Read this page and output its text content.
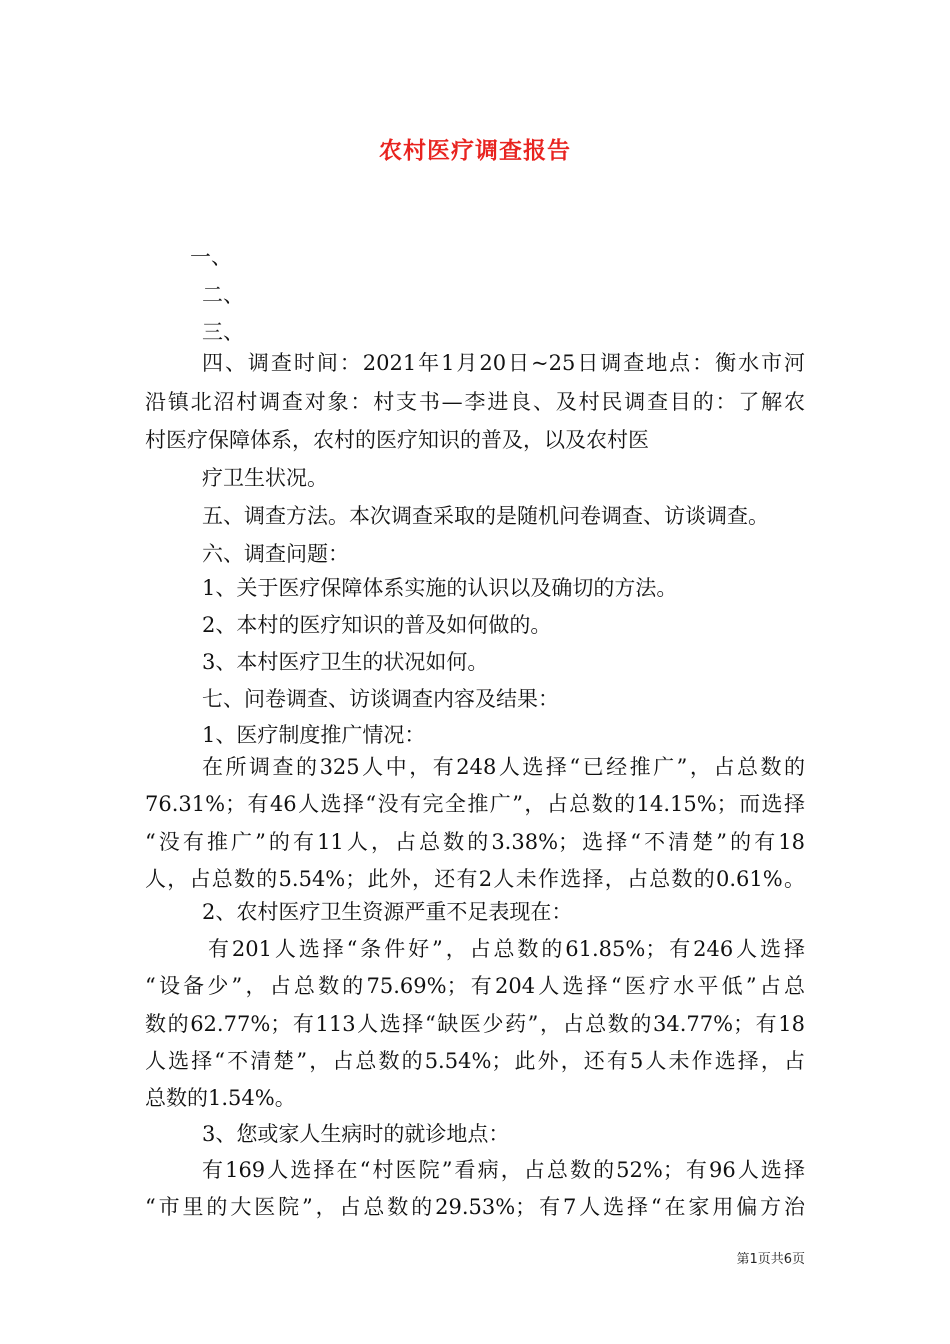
农村医疗调查报告
一、
二、
三、
四、调查时间：2021年1月20日~25日调查地点：衡水市河
沿镇北沼村调查对象：村支书—李进良、及村民调查目的：了解农
村医疗保障体系，农村的医疗知识的普及，以及农村医
疗卫生状况。
五、调查方法。本次调查采取的是随机问卷调查、访谈调查。
六、调查问题：
1、关于医疗保障体系实施的认识以及确切的方法。
2、本村的医疗知识的普及如何做的。
3、本村医疗卫生的状况如何。
七、问卷调查、访谈调查内容及结果：
1、医疗制度推广情况：
在所调查的325人中，有248人选择“已经推广”，占总数的
76.31%；有46人选择“没有完全推广”，占总数的14.15%；而选择
“没有推广”的有11人，占总数的3.38%；选择“不清楚”的有18
人，占总数的5.54%；此外，还有2人未作选择，占总数的0.61%。
2、农村医疗卫生资源严重不足表现在：
有201人选择“条件好”，占总数的61.85%；有246人选择
“设备少”，占总数的75.69%；有204人选择“医疗水平低”占总
数的62.77%；有113人选择“缺医少药”，占总数的34.77%；有18
人选择“不清楚”，占总数的5.54%；此外，还有5人未作选择，占
总数的1.54%。
3、您或家人生病时的就诊地点：
有169人选择在“村医院”看病，占总数的52%；有96人选择
“市里的大医院”，占总数的29.53%；有7人选择“在家用偏方治
第1页共6页
